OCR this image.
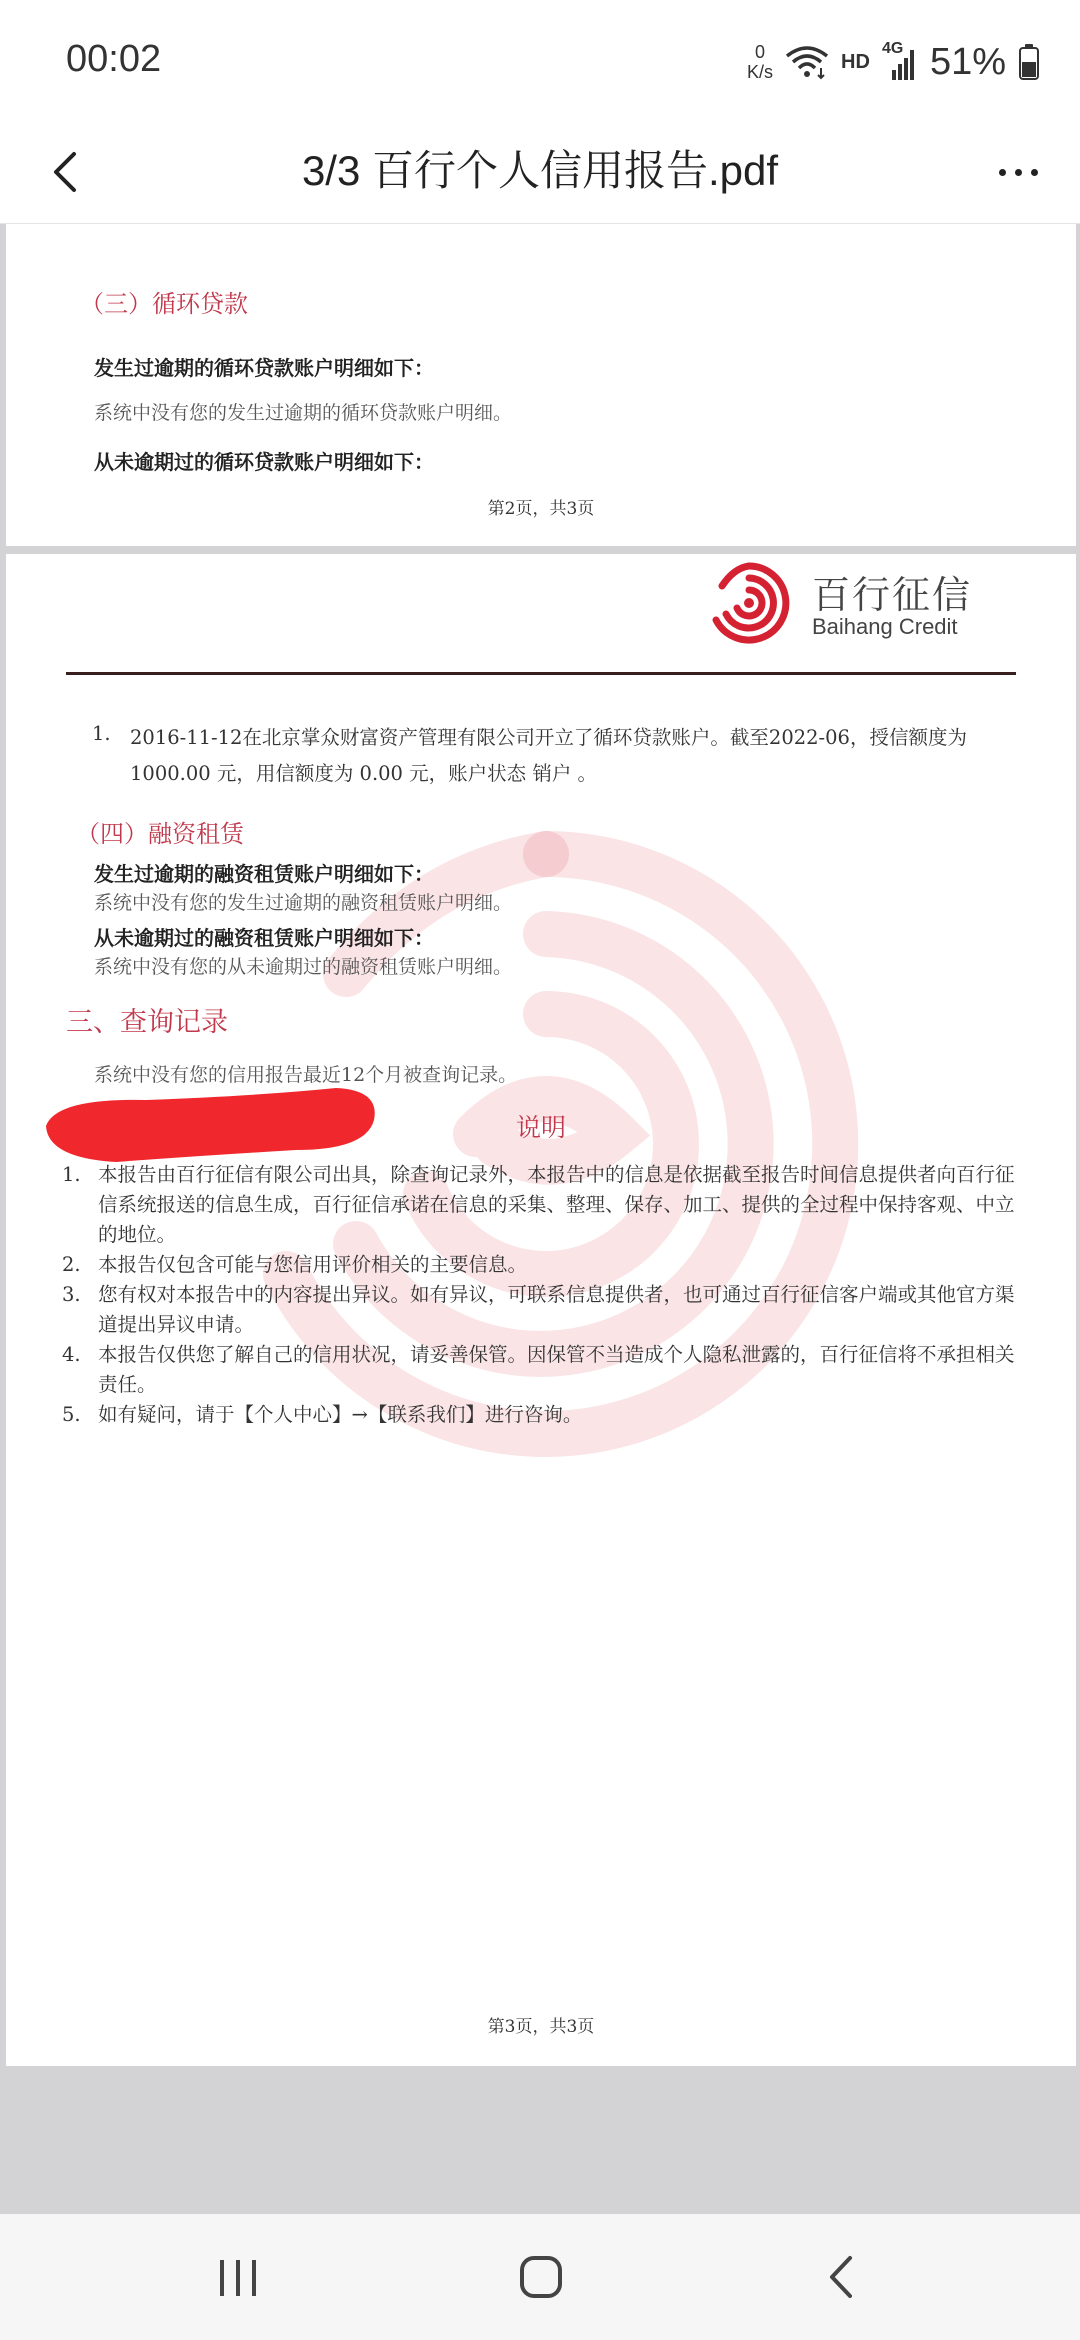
00:02	0
K/s	HD
4G 51%
3/3 百行个人信用报告.pdf
（三）循环贷款
发生过逾期的循环贷款账户明细如下：
系统中没有您的发生过逾期的循环贷款账户明细。
从未逾期过的循环贷款账户明细如下：
第2页，共3页
百行征信
Baihang Credit
1. 2016-11-12在北京掌众财富资产管理有限公司开立了循环贷款账户。截至2022-06，授信额度为
1000.00 元，用信额度为 0.00 元，账户状态 销户 。
（四）融资租赁
发生过逾期的融资租赁账户明细如下：
系统中没有您的发生过逾期的融资租赁账户明细。
从未逾期过的融资租赁账户明细如下：
系统中没有您的从未逾期过的融资租赁账户明细。
三、查询记录
系统中没有您的信用报告最近12个月被查询记录。
说明
1. 本报告由百行征信有限公司出具，除查询记录外，本报告中的信息是依据截至报告时间信息提供者向百行征信系统报送的信息生成，百行征信承诺在信息的采集、整理、保存、加工、提供的全过程中保持客观、中立的地位。
2. 本报告仅包含可能与您信用评价相关的主要信息。
3. 您有权对本报告中的内容提出异议。如有异议，可联系信息提供者，也可通过百行征信客户端或其他官方渠道提出异议申请。
4. 本报告仅供您了解自己的信用状况，请妥善保管。因保管不当造成个人隐私泄露的，百行征信将不承担相关责任。
5. 如有疑问，请于【个人中心】→【联系我们】进行咨询。
第3页，共3页
